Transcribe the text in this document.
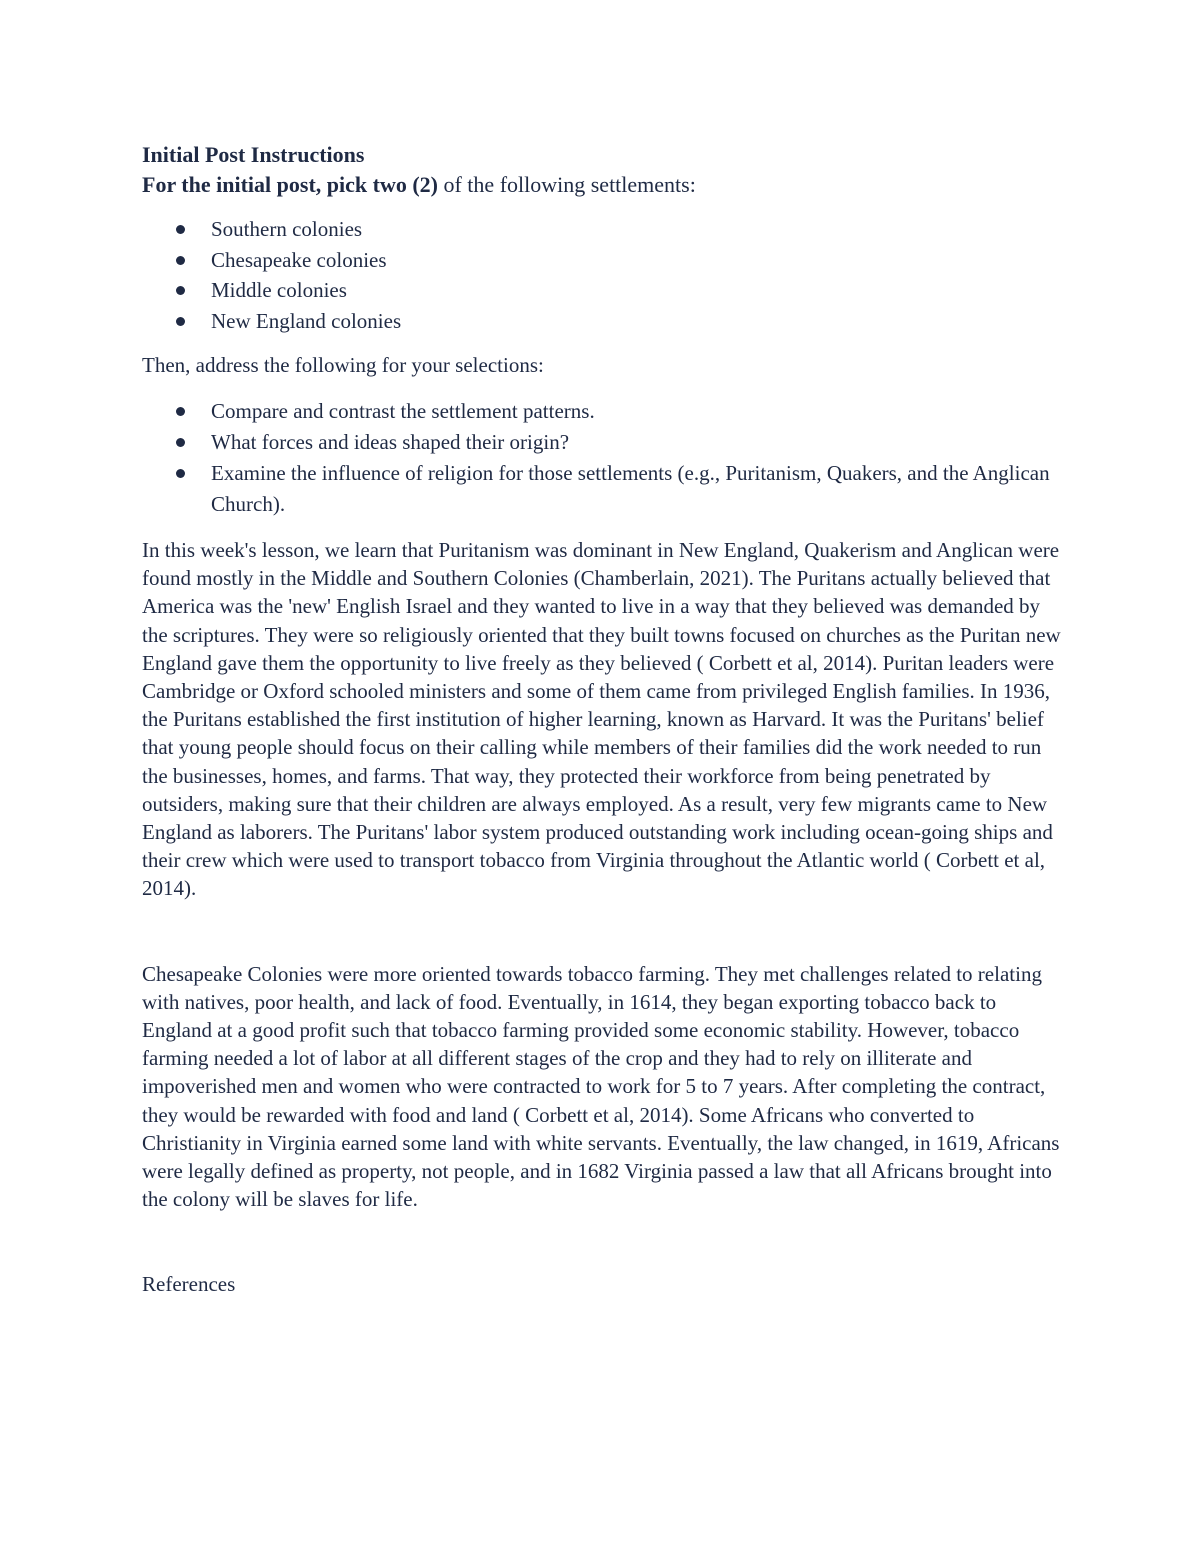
Initial Post Instructions

For the initial post, pick two (2) of the following settlements:

Southern colonies
Chesapeake colonies
Middle colonies
New England colonies

Then, address the following for your selections:

Compare and contrast the settlement patterns.
What forces and ideas shaped their origin?
Examine the influence of religion for those settlements (e.g., Puritanism, Quakers, and the Anglican Church).

In this week's lesson, we learn that Puritanism was dominant in New England, Quakerism and Anglican were found mostly in the Middle and Southern Colonies (Chamberlain, 2021). The Puritans actually believed that America was the 'new' English Israel and they wanted to live in a way that they believed was demanded by the scriptures. They were so religiously oriented that they built towns focused on churches as the Puritan new England gave them the opportunity to live freely as they believed ( Corbett et al, 2014). Puritan leaders were Cambridge or Oxford schooled ministers and some of them came from privileged English families. In 1936, the Puritans established the first institution of higher learning, known as Harvard. It was the Puritans' belief that young people should focus on their calling while members of their families did the work needed to run the businesses, homes, and farms. That way, they protected their workforce from being penetrated by outsiders, making sure that their children are always employed. As a result, very few migrants came to New England as laborers. The Puritans' labor system produced outstanding work including ocean-going ships and their crew which were used to transport tobacco from Virginia throughout the Atlantic world ( Corbett et al, 2014).

Chesapeake Colonies were more oriented towards tobacco farming. They met challenges related to relating with natives, poor health, and lack of food. Eventually, in 1614, they began exporting tobacco back to England at a good profit such that tobacco farming provided some economic stability. However, tobacco farming needed a lot of labor at all different stages of the crop and they had to rely on illiterate and impoverished men and women who were contracted to work for 5 to 7 years. After completing the contract, they would be rewarded with food and land ( Corbett et al, 2014). Some Africans who converted to Christianity in Virginia earned some land with white servants. Eventually, the law changed, in 1619, Africans were legally defined as property, not people, and in 1682 Virginia passed a law that all Africans brought into the colony will be slaves for life.

References
